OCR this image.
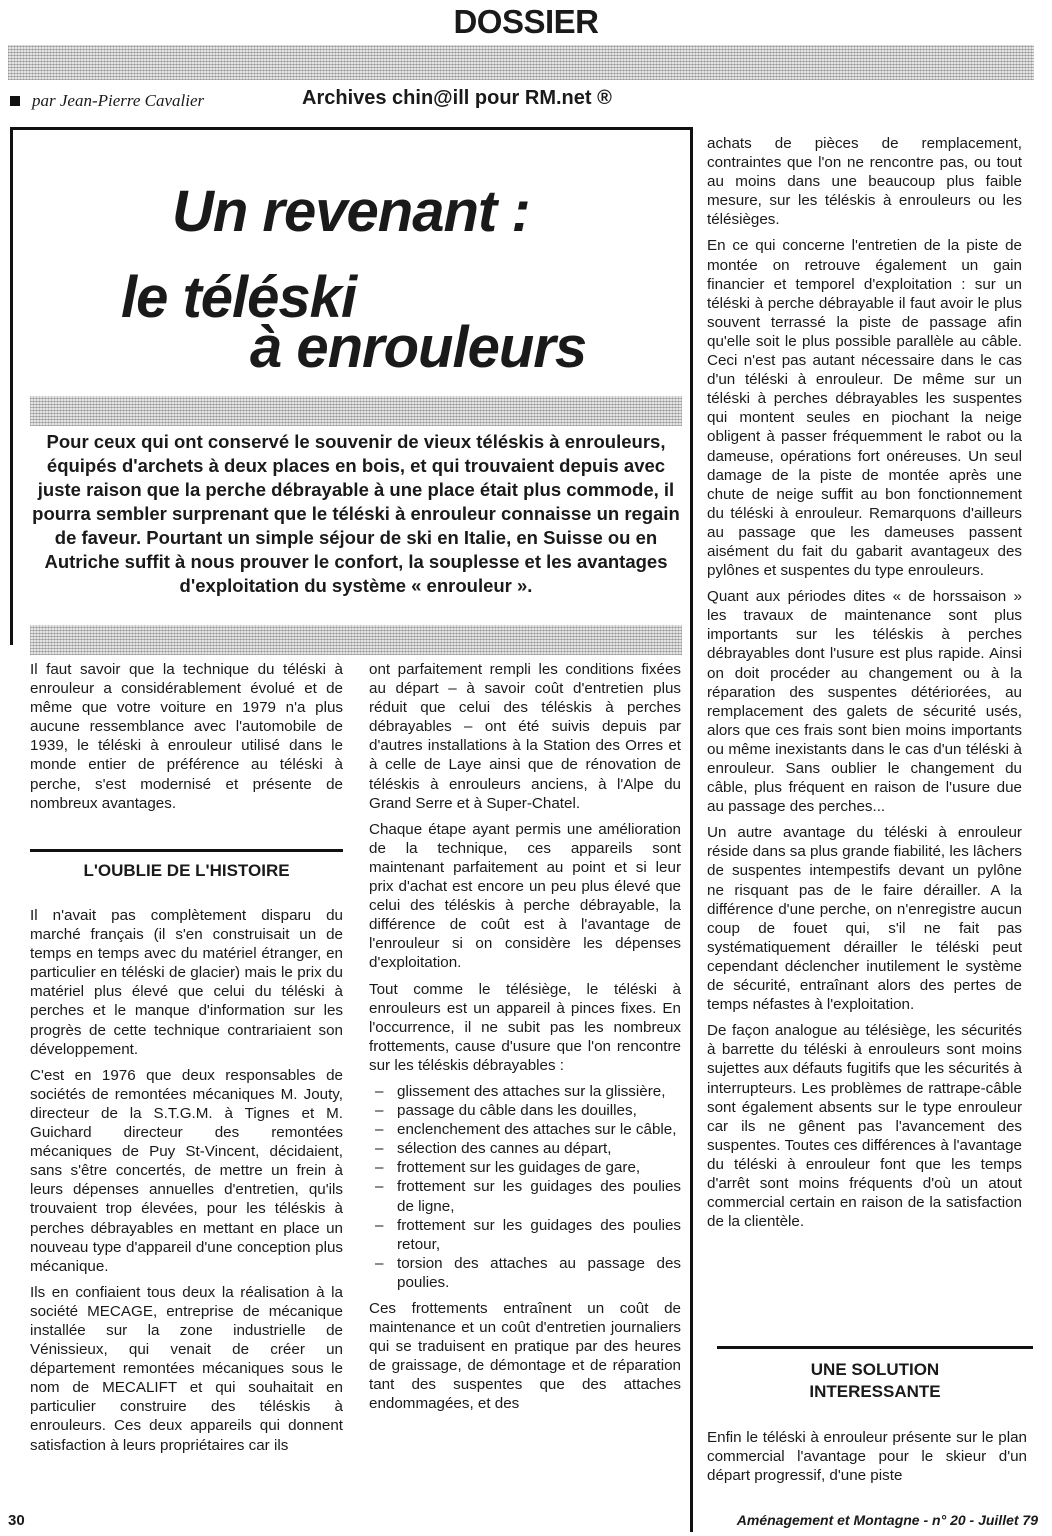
DOSSIER
par Jean-Pierre Cavalier	Archives chin@ill pour RM.net ®
Un revenant :
le téléski
à enrouleurs
Pour ceux qui ont conservé le souvenir de vieux téléskis à enrouleurs, équipés d'archets à deux places en bois, et qui trouvaient depuis avec juste raison que la perche débrayable à une place était plus commode, il pourra sembler surprenant que le téléski à enrouleur connaisse un regain de faveur. Pourtant un simple séjour de ski en Italie, en Suisse ou en Autriche suffit à nous prouver le confort, la souplesse et les avantages d'exploitation du système « enrouleur ».

Il faut savoir que la technique du téléski à enrouleur a considérablement évolué et de même que votre voiture en 1979 n'a plus aucune ressemblance avec l'automobile de 1939, le téléski à enrouleur utilisé dans le monde entier de préférence au téléski à perche, s'est modernisé et présente de nombreux avantages.

L'OUBLIE DE L'HISTOIRE

Il n'avait pas complètement disparu du marché français (il s'en construisait un de temps en temps avec du matériel étranger, en particulier en téléski de glacier) mais le prix du matériel plus élevé que celui du téléski à perches et le manque d'information sur les progrès de cette technique contrariaient son développement.

C'est en 1976 que deux responsables de sociétés de remontées mécaniques M. Jouty, directeur de la S.T.G.M. à Tignes et M. Guichard directeur des remontées mécaniques de Puy St-Vincent, décidaient, sans s'être concertés, de mettre un frein à leurs dépenses annuelles d'entretien, qu'ils trouvaient trop élevées, pour les téléskis à perches débrayables en mettant en place un nouveau type d'appareil d'une conception plus mécanique.

Ils en confiaient tous deux la réalisation à la société MECAGE, entreprise de mécanique installée sur la zone industrielle de Vénissieux, qui venait de créer un département remontées mécaniques sous le nom de MECALIFT et qui souhaitait en particulier construire des téléskis à enrouleurs. Ces deux appareils qui donnent satisfaction à leurs propriétaires car ils

ont parfaitement rempli les conditions fixées au départ – à savoir coût d'entretien plus réduit que celui des téléskis à perches débrayables – ont été suivis depuis par d'autres installations à la Station des Orres et à celle de Laye ainsi que de rénovation de téléskis à enrouleurs anciens, à l'Alpe du Grand Serre et à Super-Chatel.

Chaque étape ayant permis une amélioration de la technique, ces appareils sont maintenant parfaitement au point et si leur prix d'achat est encore un peu plus élevé que celui des téléskis à perche débrayable, la différence de coût est à l'avantage de l'enrouleur si on considère les dépenses d'exploitation.

Tout comme le télésiège, le téléski à enrouleurs est un appareil à pinces fixes. En l'occurrence, il ne subit pas les nombreux frottements, cause d'usure que l'on rencontre sur les téléskis débrayables :

– glissement des attaches sur la glissière,
– passage du câble dans les douilles,
– enclenchement des attaches sur le câble,
– sélection des cannes au départ,
– frottement sur les guidages de gare,
– frottement sur les guidages des poulies de ligne,
– frottement sur les guidages des poulies retour,
– torsion des attaches au passage des poulies.

Ces frottements entraînent un coût de maintenance et un coût d'entretien journaliers qui se traduisent en pratique par des heures de graissage, de démontage et de réparation tant des suspentes que des attaches endommagées, et des

achats de pièces de remplacement, contraintes que l'on ne rencontre pas, ou tout au moins dans une beaucoup plus faible mesure, sur les téléskis à enrouleurs ou les télésièges.

En ce qui concerne l'entretien de la piste de montée on retrouve également un gain financier et temporel d'exploitation : sur un téléski à perche débrayable il faut avoir le plus souvent terrassé la piste de passage afin qu'elle soit le plus possible parallèle au câble. Ceci n'est pas autant nécessaire dans le cas d'un téléski à enrouleur. De même sur un téléski à perches débrayables les suspentes qui montent seules en piochant la neige obligent à passer fréquemment le rabot ou la dameuse, opérations fort onéreuses. Un seul damage de la piste de montée après une chute de neige suffit au bon fonctionnement du téléski à enrouleur. Remarquons d'ailleurs au passage que les dameuses passent aisément du fait du gabarit avantageux des pylônes et suspentes du type enrouleurs.

Quant aux périodes dites « de horssaison » les travaux de maintenance sont plus importants sur les téléskis à perches débrayables dont l'usure est plus rapide. Ainsi on doit procéder au changement ou à la réparation des suspentes détériorées, au remplacement des galets de sécurité usés, alors que ces frais sont bien moins importants ou même inexistants dans le cas d'un téléski à enrouleur. Sans oublier le changement du câble, plus fréquent en raison de l'usure due au passage des perches...

Un autre avantage du téléski à enrouleur réside dans sa plus grande fiabilité, les lâchers de suspentes intempestifs devant un pylône ne risquant pas de le faire dérailler. A la différence d'une perche, on n'enregistre aucun coup de fouet qui, s'il ne fait pas systématiquement dérailler le téléski peut cependant déclencher inutilement le système de sécurité, entraînant alors des pertes de temps néfastes à l'exploitation.

De façon analogue au télésiège, les sécurités à barrette du téléski à enrouleurs sont moins sujettes aux défauts fugitifs que les sécurités à interrupteurs. Les problèmes de rattrape-câble sont également absents sur le type enrouleur car ils ne gênent pas l'avancement des suspentes. Toutes ces différences à l'avantage du téléski à enrouleur font que les temps d'arrêt sont moins fréquents d'où un atout commercial certain en raison de la satisfaction de la clientèle.

UNE SOLUTION
INTERESSANTE

Enfin le téléski à enrouleur présente sur le plan commercial l'avantage pour le skieur d'un départ progressif, d'une piste

30	Aménagement et Montagne - n° 20 - Juillet 79
